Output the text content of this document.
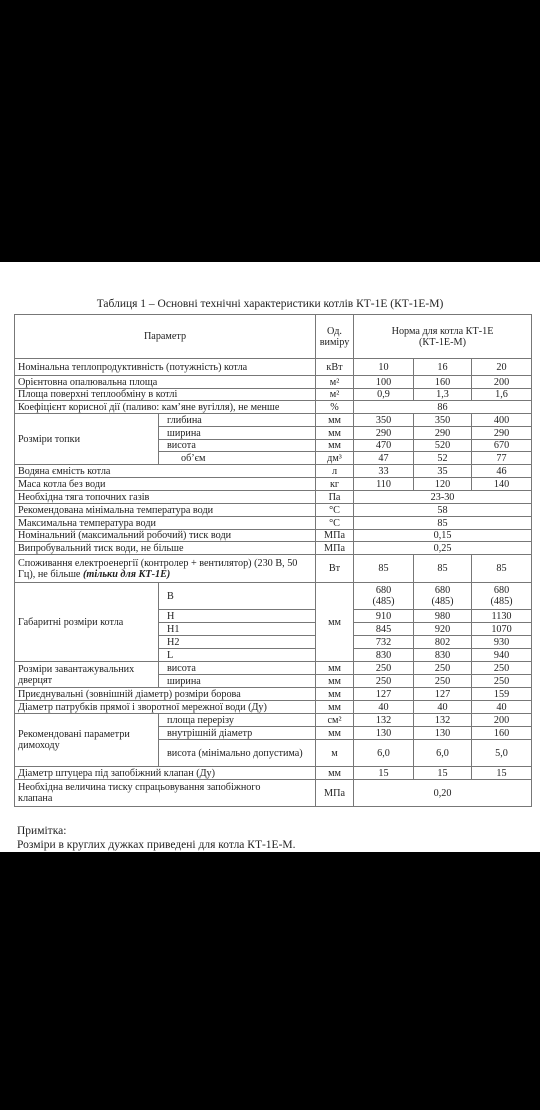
Таблиця 1 – Основні технічні характеристики котлів КТ-1Е (КТ-1Е-М)
Параметр		Од. виміру	Норма для котла КТ-1Е (КТ-1Е-М)		
Номінальна теплопродуктивність (потужність) котла		кВт	10	16	20
Орієнтовна опалювальна площа		м²	100	160	200
Площа поверхні теплообміну в котлі		м²	0,9	1,3	1,6
Коефіцієнт корисної дії (паливо: кам’яне вугілля), не менше		%	86		
Розміри топки	глибина	мм	350	350	400
	ширина	мм	290	290	290
	висота	мм	470	520	670
	об’єм	дм³	47	52	77
Водяна ємність котла		л	33	35	46
Маса котла без води		кг	110	120	140
Необхідна тяга топочних газів		Па	23-30		
Рекомендована мінімальна температура води		°С	58		
Максимальна температура води		°С	85		
Номінальний (максимальний робочий) тиск води		МПа	0,15		
Випробувальний тиск води, не більше		МПа	0,25		
Споживання електроенергії (контролер + вентилятор) (230 В, 50 Гц), не більше (тільки для КТ-1Е)		Вт	85	85	85
Габаритні розміри котла	В	мм	680 (485)	680 (485)	680 (485)
	Н		910	980	1130
	Н1		845	920	1070
	Н2		732	802	930
	L		830	830	940
Розміри завантажувальних дверцят	висота	мм	250	250	250
	ширина	мм	250	250	250
Приєднувальні (зовнішній діаметр) розміри борова		мм	127	127	159
Діаметр патрубків прямої і зворотної мережної води (Ду)		мм	40	40	40
Рекомендовані параметри димоходу	площа перерізу	см²	132	132	200
	внутрішній діаметр	мм	130	130	160
	висота (мінімально допустима)	м	6,0	6,0	5,0
Діаметр штуцера під запобіжний клапан (Ду)		мм	15	15	15
Необхідна величина тиску спрацьовування запобіжного клапана		МПа	0,20		
Примітка:
Розміри в круглих дужках приведені для котла КТ-1Е-М.
